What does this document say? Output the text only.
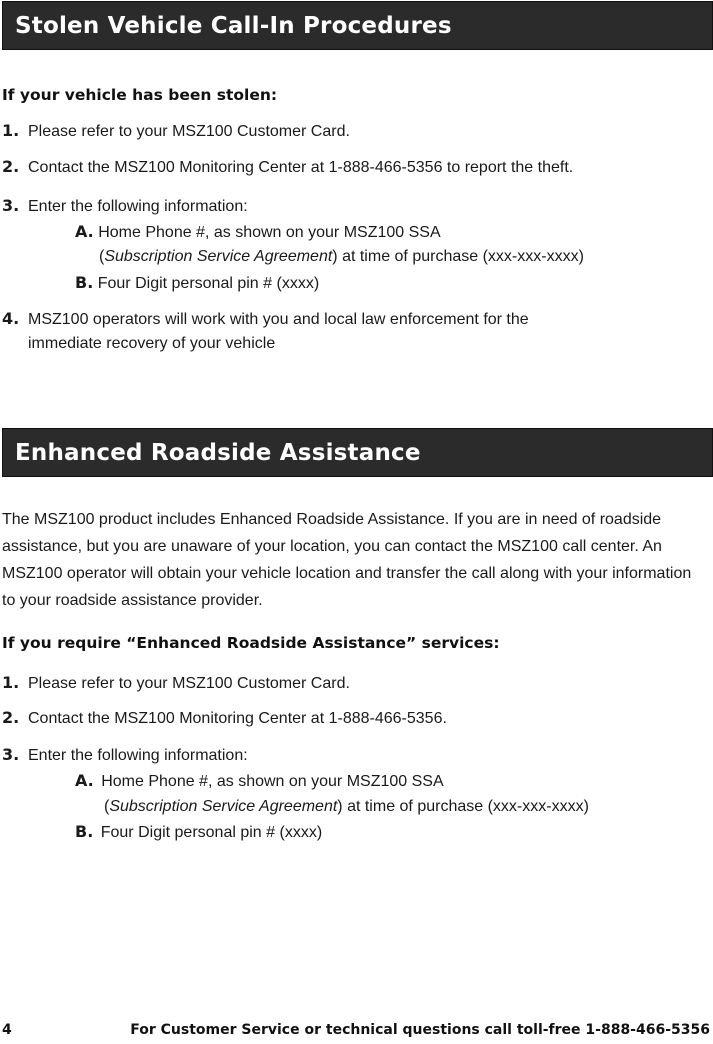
Stolen Vehicle Call-In Procedures
If your vehicle has been stolen:
1. Please refer to your MSZ100 Customer Card.
2. Contact the MSZ100 Monitoring Center at 1-888-466-5356 to report the theft.
3. Enter the following information:
A. Home Phone #, as shown on your MSZ100 SSA
(Subscription Service Agreement) at time of purchase (xxx-xxx-xxxx)
B. Four Digit personal pin # (xxxx)
4. MSZ100 operators will work with you and local law enforcement for the
immediate recovery of your vehicle
Enhanced Roadside Assistance

The MSZ100 product includes Enhanced Roadside Assistance. If you are in need of roadside assistance, but you are unaware of your location, you can contact the MSZ100 call center. An MSZ100 operator will obtain your vehicle location and transfer the call along with your information to your roadside assistance provider.

If you require “Enhanced Roadside Assistance” services:
1. Please refer to your MSZ100 Customer Card.
2. Contact the MSZ100 Monitoring Center at 1-888-466-5356.
3. Enter the following information:
A. Home Phone #, as shown on your MSZ100 SSA
(Subscription Service Agreement) at time of purchase (xxx-xxx-xxxx)
B. Four Digit personal pin # (xxxx)
4	For Customer Service or technical questions call toll-free 1-888-466-5356
